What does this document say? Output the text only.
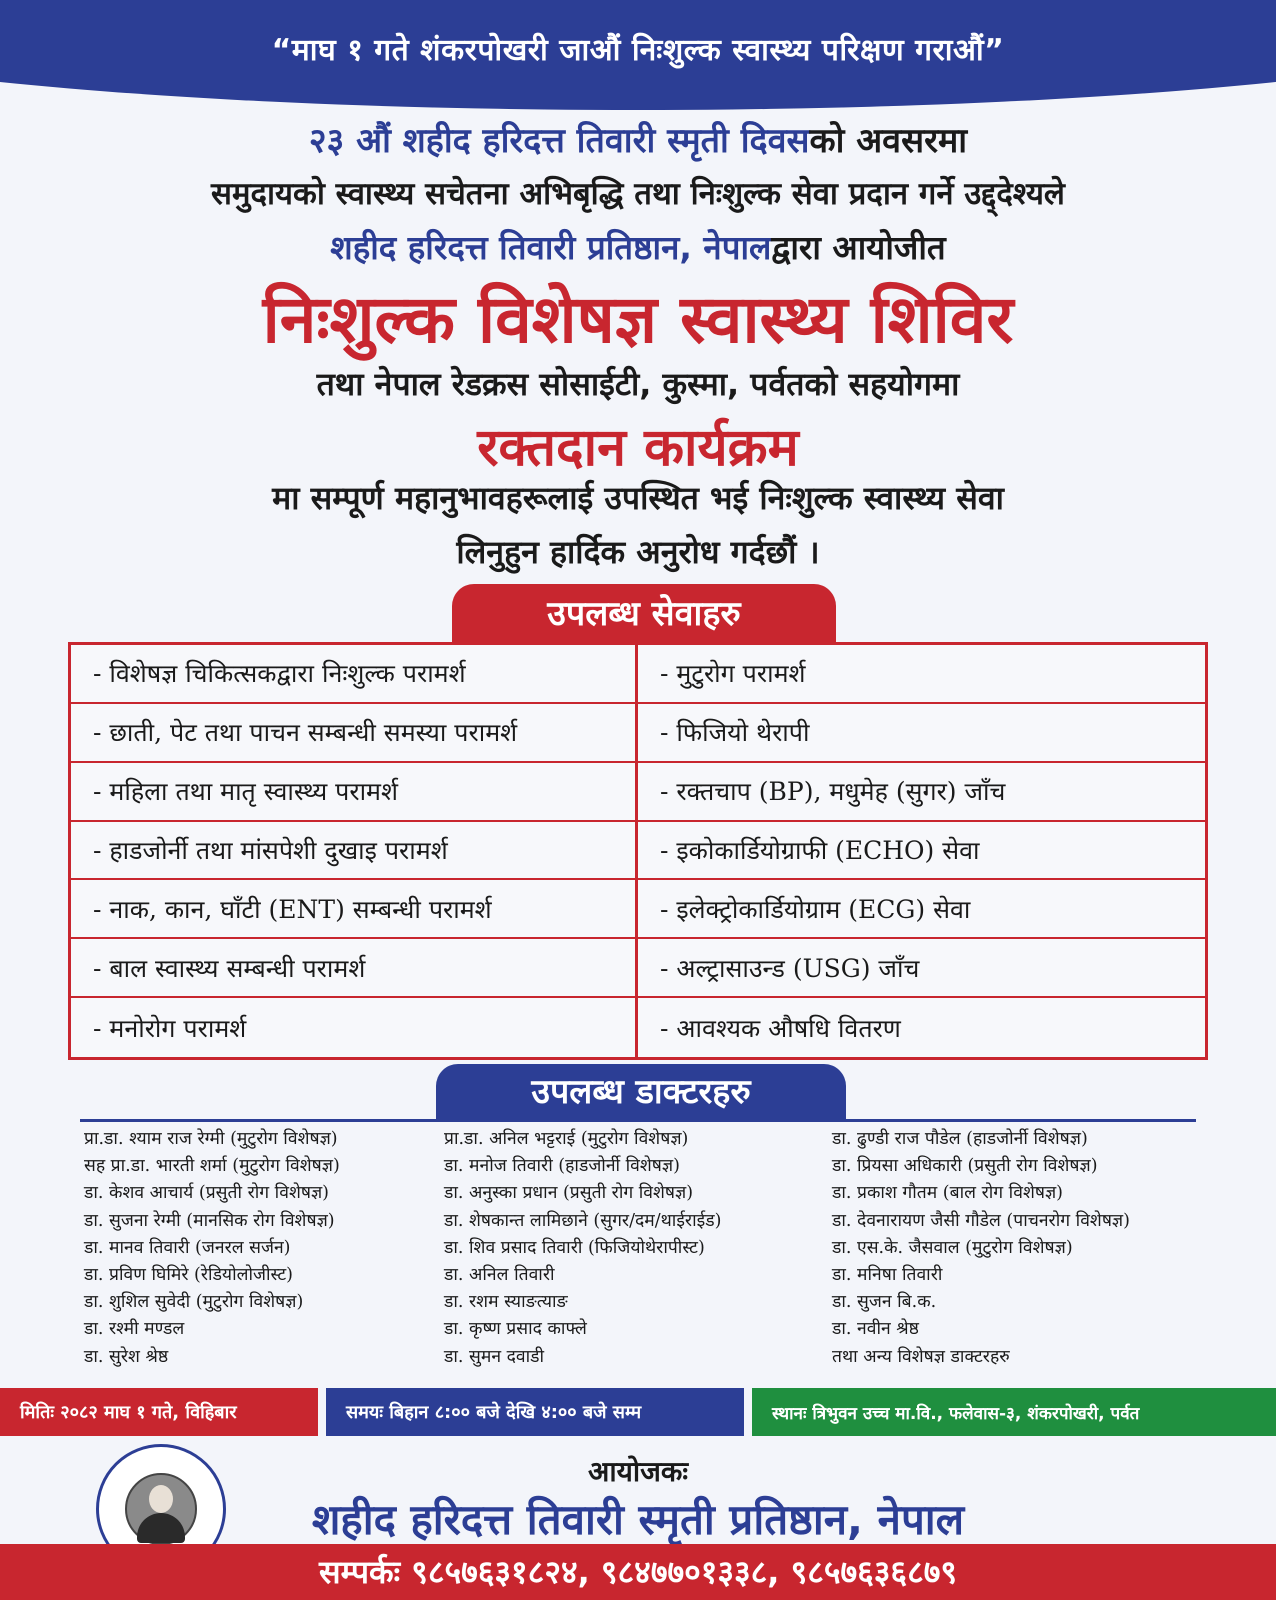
“माघ १ गते शंकरपोखरी जाऔं निःशुल्क स्वास्थ्य परिक्षण गराऔं”
२३ औं शहीद हरिदत्त तिवारी स्मृती दिवसको अवसरमा
समुदायको स्वास्थ्य सचेतना अभिबृद्धि तथा निःशुल्क सेवा प्रदान गर्ने उद्द्देश्यले
शहीद हरिदत्त तिवारी प्रतिष्ठान, नेपालद्वारा आयोजीत
निःशुल्क विशेषज्ञ स्वास्थ्य शिविर
तथा नेपाल रेडक्रस सोसाईटी, कुस्मा, पर्वतको सहयोगमा
रक्तदान कार्यक्रम
मा सम्पूर्ण महानुभावहरूलाई उपस्थित भई निःशुल्क स्वास्थ्य सेवा
लिनुहुन हार्दिक अनुरोध गर्दछौं ।
उपलब्ध सेवाहरु
- विशेषज्ञ चिकित्सकद्वारा निःशुल्क परामर्श	- मुटुरोग परामर्श
- छाती, पेट तथा पाचन सम्बन्धी समस्या परामर्श	- फिजियो थेरापी
- महिला तथा मातृ स्वास्थ्य परामर्श	- रक्तचाप (BP), मधुमेह (सुगर) जाँच
- हाडजोर्नी तथा मांसपेशी दुखाइ परामर्श	- इकोकार्डियोग्राफी (ECHO) सेवा
- नाक, कान, घाँटी (ENT) सम्बन्धी परामर्श	- इलेक्ट्रोकार्डियोग्राम (ECG) सेवा
- बाल स्वास्थ्य सम्बन्धी परामर्श	- अल्ट्रासाउन्ड (USG) जाँच
- मनोरोग परामर्श	- आवश्यक औषधि वितरण
उपलब्ध डाक्टरहरु
प्रा.डा. श्याम राज रेग्मी (मुटुरोग विशेषज्ञ)
सह प्रा.डा. भारती शर्मा (मुटुरोग विशेषज्ञ)
डा. केशव आचार्य (प्रसुती रोग विशेषज्ञ)
डा. सुजना रेग्मी (मानसिक रोग विशेषज्ञ)
डा. मानव तिवारी (जनरल सर्जन)
डा. प्रविण घिमिरे (रेडियोलोजीस्ट)
डा. शुशिल सुवेदी (मुटुरोग विशेषज्ञ)
डा. रश्मी मण्डल
डा. सुरेश श्रेष्ठ
प्रा.डा. अनिल भट्टराई (मुटुरोग विशेषज्ञ)
डा. मनोज तिवारी (हाडजोर्नी विशेषज्ञ)
डा. अनुस्का प्रधान (प्रसुती रोग विशेषज्ञ)
डा. शेषकान्त लामिछाने (सुगर/दम/थाईराईड)
डा. शिव प्रसाद तिवारी (फिजियोथेरापीस्ट)
डा. अनिल तिवारी
डा. रशम स्याङत्याङ
डा. कृष्ण प्रसाद काफ्ले
डा. सुमन दवाडी
डा. ढुण्डी राज पौडेल (हाडजोर्नी विशेषज्ञ)
डा. प्रियसा अधिकारी (प्रसुती रोग विशेषज्ञ)
डा. प्रकाश गौतम (बाल रोग विशेषज्ञ)
डा. देवनारायण जैसी गौडेल (पाचनरोग विशेषज्ञ)
डा. एस.के. जैसवाल (मुटुरोग विशेषज्ञ)
डा. मनिषा तिवारी
डा. सुजन बि.क.
डा. नवीन श्रेष्ठ
तथा अन्य विशेषज्ञ डाक्टरहरु
मितिः २०८२ माघ १ गते, विहिबार	समयः बिहान ८:०० बजे देखि ४:०० बजे सम्म	स्थानः त्रिभुवन उच्च मा.वि., फलेवास-३, शंकरपोखरी, पर्वत
आयोजकः
शहीद हरिदत्त तिवारी स्मृती प्रतिष्ठान, नेपाल
सम्पर्कः ९८५७६३१८२४, ९८४७७०१३३८, ९८५७६३६८७९
